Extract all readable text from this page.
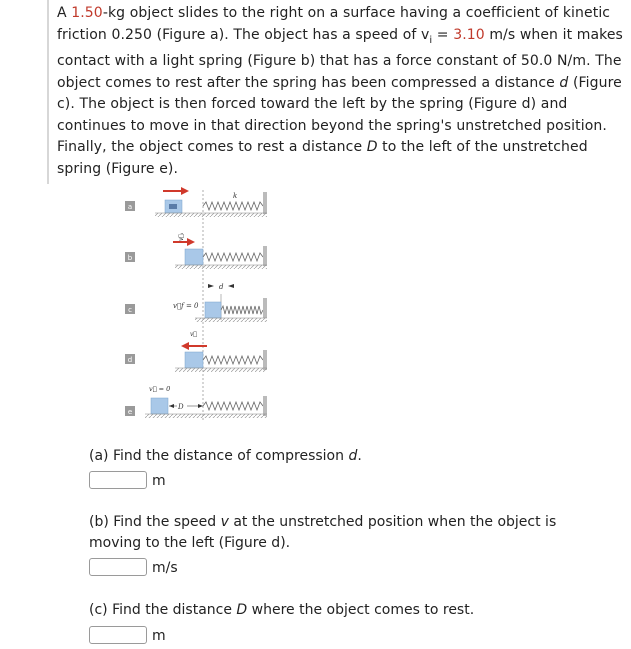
A 1.50-kg object slides to the right on a surface having a coefficient of kinetic friction 0.250 (Figure a). The object has a speed of $v_i = 3.10$ m/s when it makes contact with a light spring (Figure b) that has a force constant of 50.0 N/m. The object comes to rest after the spring has been compressed a distance d (Figure c). The object is then forced toward the left by the spring (Figure d) and continues to move in that direction beyond the spring's unstretched position. Finally, the object comes to rest a distance D to the left of the unstretched spring (Figure e).
a
k
b
v⃗ᵢ
d
c	v⃗f = 0
v⃗
d
v⃗ = 0
e
D
(a) Find the distance of compression d.
m
(b) Find the speed v at the unstretched position when the object is
moving to the left (Figure d).
m/s
(c) Find the distance D where the object comes to rest.
m
